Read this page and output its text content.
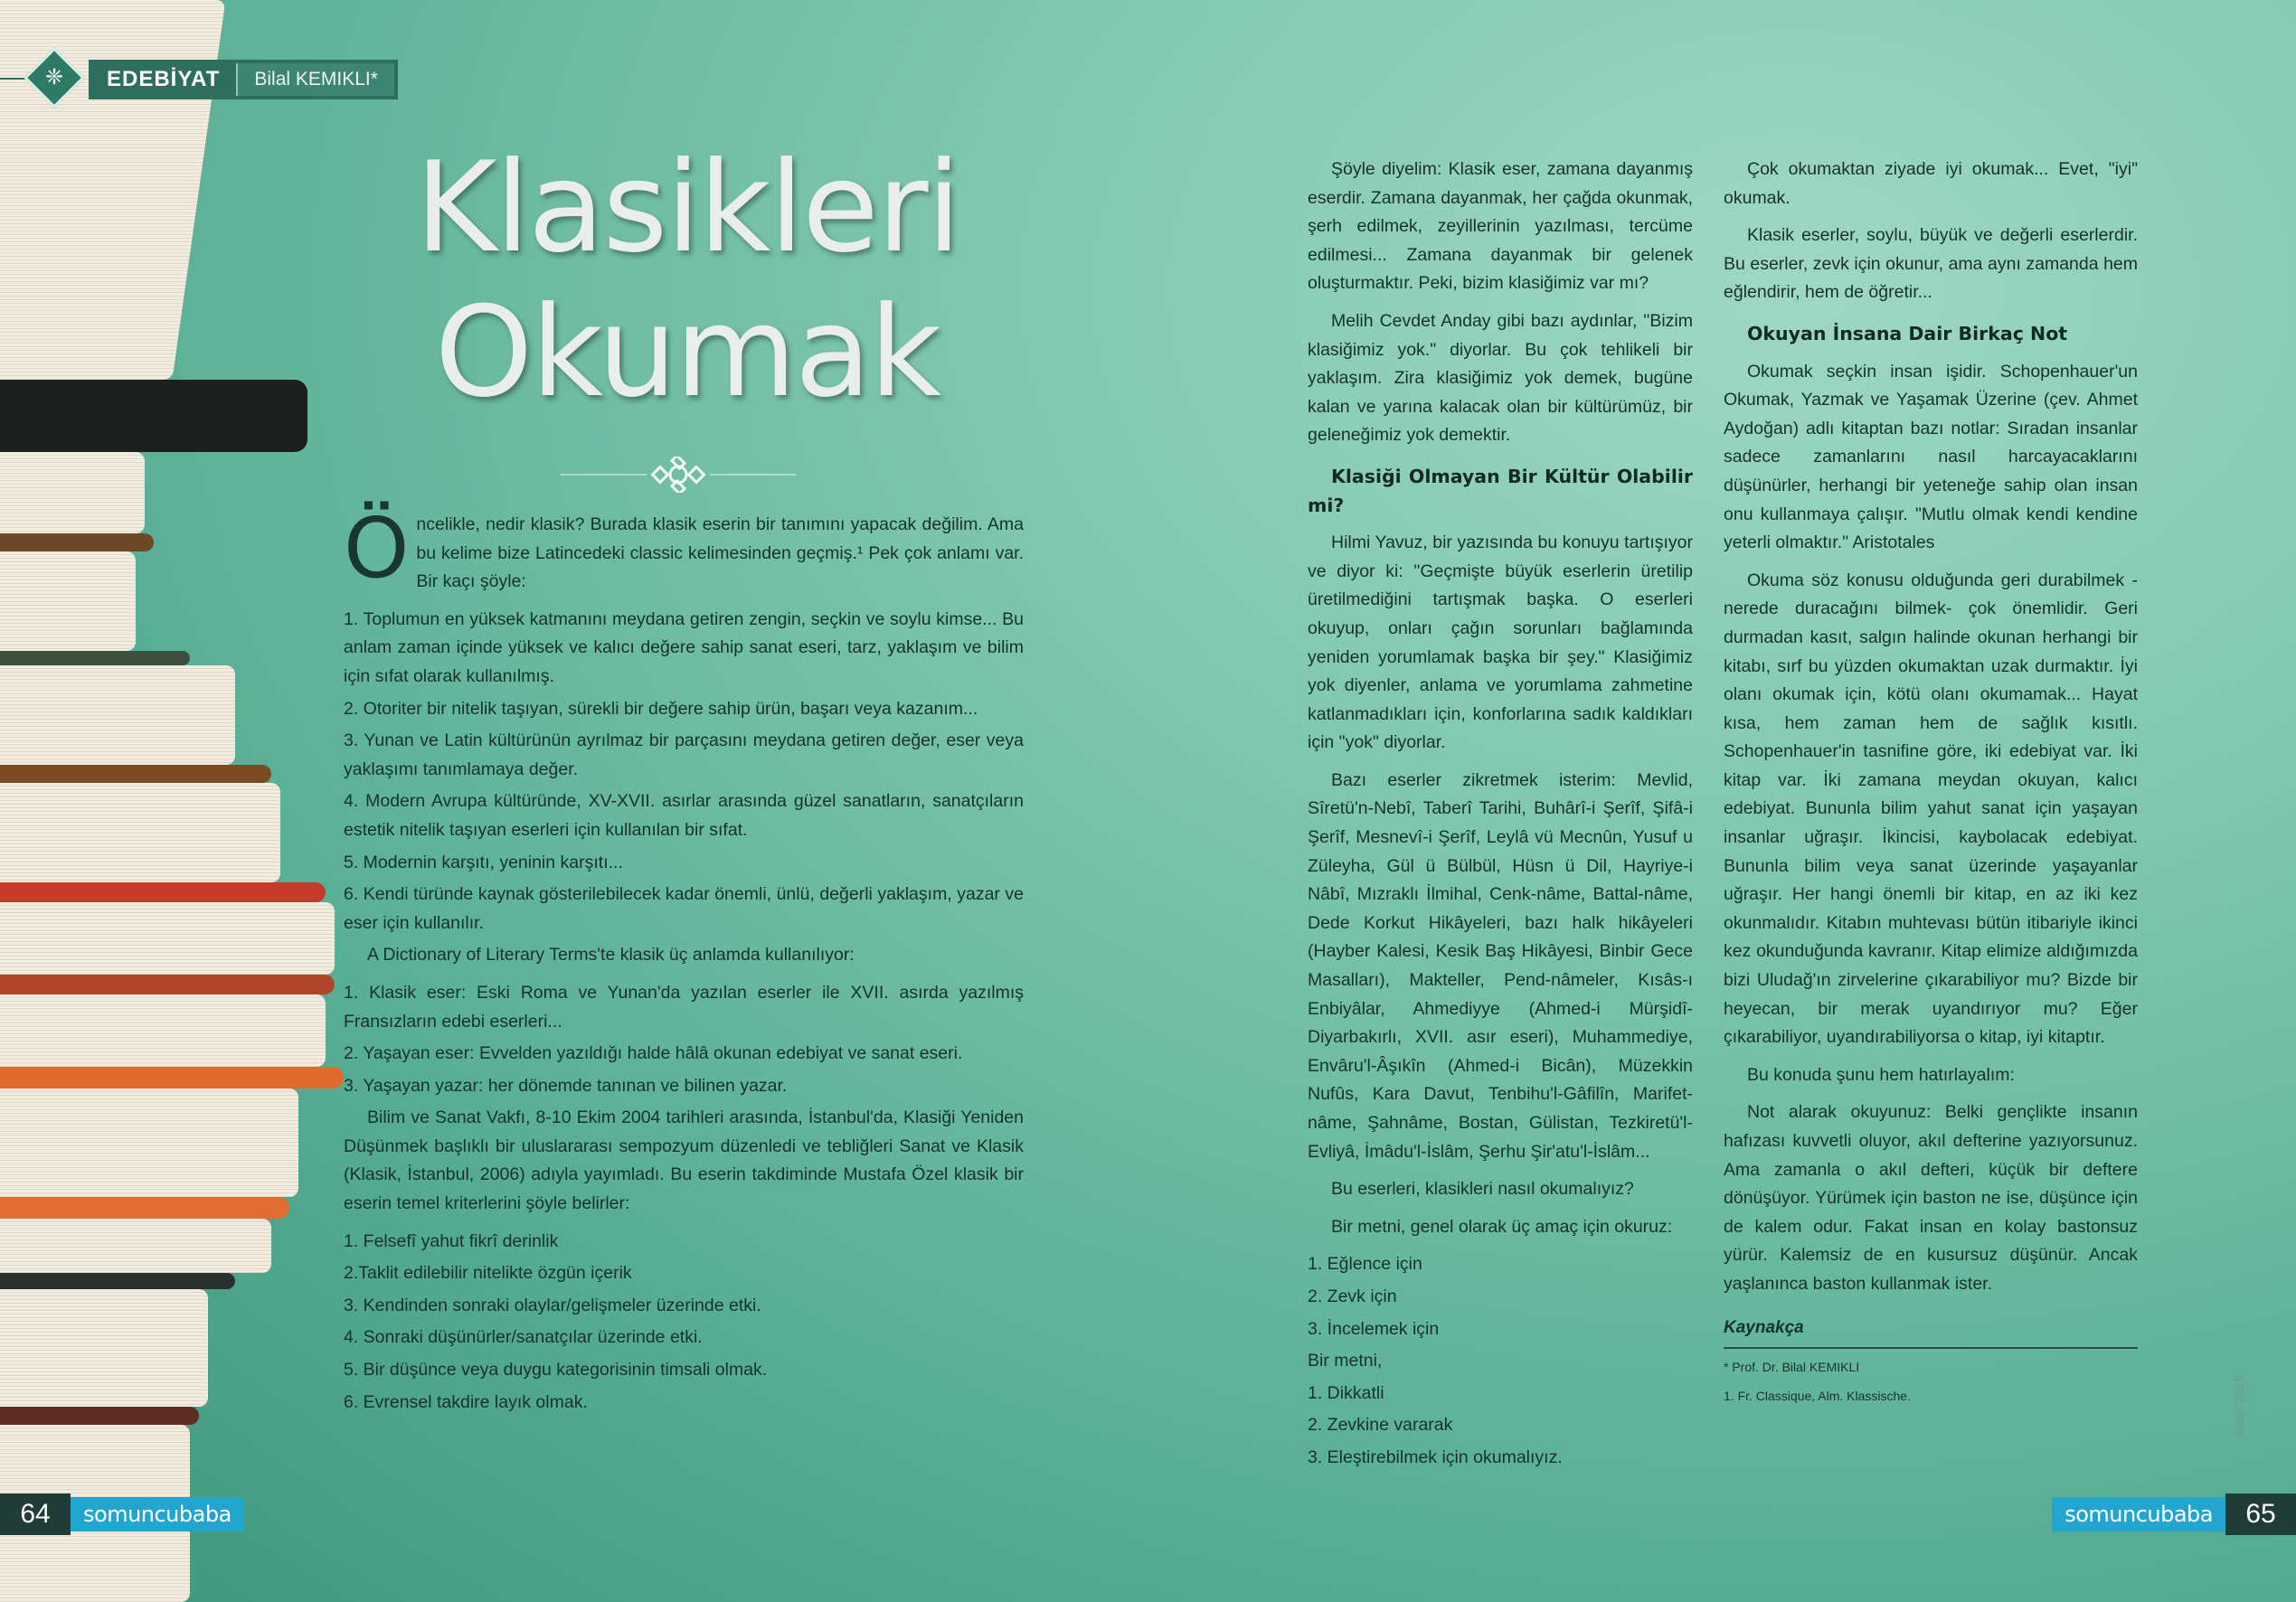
EDEBİYAT	Bilal KEMIKLI*
❈
Klasikleri
Okumak

Öncelikle, nedir klasik? Burada klasik eserin bir tanımını yapacak değilim. Ama bu kelime bize Latincedeki classic kelimesinden geçmiş.¹ Pek çok anlamı var. Bir kaçı şöyle:

1. Toplumun en yüksek katmanını meydana getiren zengin, seçkin ve soylu kimse... Bu anlam zaman içinde yüksek ve kalıcı değere sahip sanat eseri, tarz, yaklaşım ve bilim için sıfat olarak kullanılmış.

2. Otoriter bir nitelik taşıyan, sürekli bir değere sahip ürün, başarı veya kazanım...

3. Yunan ve Latin kültürünün ayrılmaz bir parçasını meydana getiren değer, eser veya yaklaşımı tanımlamaya değer.

4. Modern Avrupa kültüründe, XV-XVII. asırlar arasında güzel sanatların, sanatçıların estetik nitelik taşıyan eserleri için kullanılan bir sıfat.

5. Modernin karşıtı, yeninin karşıtı...

6. Kendi türünde kaynak gösterilebilecek kadar önemli, ünlü, değerli yaklaşım, yazar ve eser için kullanılır.

A Dictionary of Literary Terms'te klasik üç anlamda kullanılıyor:

1. Klasik eser: Eski Roma ve Yunan'da yazılan eserler ile XVII. asırda yazılmış Fransızların edebi eserleri...

2. Yaşayan eser: Evvelden yazıldığı halde hâlâ okunan edebiyat ve sanat eseri.

3. Yaşayan yazar: her dönemde tanınan ve bilinen yazar.

Bilim ve Sanat Vakfı, 8-10 Ekim 2004 tarihleri arasında, İstanbul'da, Klasiği Yeniden Düşünmek başlıklı bir uluslararası sempozyum düzenledi ve tebliğleri Sanat ve Klasik (Klasik, İstanbul, 2006) adıyla yayımladı. Bu eserin takdiminde Mustafa Özel klasik bir eserin temel kriterlerini şöyle belirler:

1. Felsefî yahut fikrî derinlik

2.Taklit edilebilir nitelikte özgün içerik

3. Kendinden sonraki olaylar/gelişmeler üzerinde etki.

4. Sonraki düşünürler/sanatçılar üzerinde etki.

5. Bir düşünce veya duygu kategorisinin timsali olmak.

6. Evrensel takdire layık olmak.

Şöyle diyelim: Klasik eser, zamana dayanmış eserdir. Zamana dayanmak, her çağda okunmak, şerh edilmek, zeyillerinin yazılması, tercüme edilmesi... Zamana dayanmak bir gelenek oluşturmaktır. Peki, bizim klasiğimiz var mı?

Melih Cevdet Anday gibi bazı aydınlar, "Bizim klasiğimiz yok." diyorlar. Bu çok tehlikeli bir yaklaşım. Zira klasiğimiz yok demek, bugüne kalan ve yarına kalacak olan bir kültürümüz, bir geleneğimiz yok demektir.

Klasiği Olmayan Bir Kültür Olabilir mi?

Hilmi Yavuz, bir yazısında bu konuyu tartışıyor ve diyor ki: "Geçmişte büyük eserlerin üretilip üretilmediğini tartışmak başka. O eserleri okuyup, onları çağın sorunları bağlamında yeniden yorumlamak başka bir şey." Klasiğimiz yok diyenler, anlama ve yorumlama zahmetine katlanmadıkları için, konforlarına sadık kaldıkları için "yok" diyorlar.

Bazı eserler zikretmek isterim: Mevlid, Sîretü'n-Nebî, Taberî Tarihi, Buhârî-i Şerîf, Şifâ-i Şerîf, Mesnevî-i Şerîf, Leylâ vü Mecnûn, Yusuf u Züleyha, Gül ü Bülbül, Hüsn ü Dil, Hayriye-i Nâbî, Mızraklı İlmihal, Cenk-nâme, Battal-nâme, Dede Korkut Hikâyeleri, bazı halk hikâyeleri (Hayber Kalesi, Kesik Baş Hikâyesi, Binbir Gece Masalları), Makteller, Pend-nâmeler, Kısâs-ı Enbiyâlar, Ahmediyye (Ahmed-i Mürşidî-Diyarbakırlı, XVII. asır eseri), Muhammediye, Envâru'l-Âşıkîn (Ahmed-i Bicân), Müzekkin Nufûs, Kara Davut, Tenbihu'l-Gâfilîn, Marifet-nâme, Şahnâme, Bostan, Gülistan, Tezkiretü'l-Evliyâ, İmâdu'l-İslâm, Şerhu Şir'atu'l-İslâm...

Bu eserleri, klasikleri nasıl okumalıyız?

Bir metni, genel olarak üç amaç için okuruz:

1. Eğlence için

2. Zevk için

3. İncelemek için

Bir metni,

1. Dikkatli

2. Zevkine vararak

3. Eleştirebilmek için okumalıyız.

Çok okumaktan ziyade iyi okumak... Evet, "iyi" okumak.

Klasik eserler, soylu, büyük ve değerli eserlerdir. Bu eserler, zevk için okunur, ama aynı zamanda hem eğlendirir, hem de öğretir...

Okuyan İnsana Dair Birkaç Not

Okumak seçkin insan işidir. Schopenhauer'un Okumak, Yazmak ve Yaşamak Üzerine (çev. Ahmet Aydoğan) adlı kitaptan bazı notlar: Sıradan insanlar sadece zamanlarını nasıl harcayacaklarını düşünürler, herhangi bir yeteneğe sahip olan insan onu kullanmaya çalışır. "Mutlu olmak kendi kendine yeterli olmaktır." Aristotales

Okuma söz konusu olduğunda geri durabilmek -nerede duracağını bilmek- çok önemlidir. Geri durmadan kasıt, salgın halinde okunan herhangi bir kitabı, sırf bu yüzden okumaktan uzak durmaktır. İyi olanı okumak için, kötü olanı okumamak... Hayat kısa, hem zaman hem de sağlık kısıtlı. Schopenhauer'in tasnifine göre, iki edebiyat var. İki kitap var. İki zamana meydan okuyan, kalıcı edebiyat. Bununla bilim yahut sanat için yaşayan insanlar uğraşır. İkincisi, kaybolacak edebiyat. Bununla bilim veya sanat üzerinde yaşayanlar uğraşır. Her hangi önemli bir kitap, en az iki kez okunmalıdır. Kitabın muhtevası bütün itibariyle ikinci kez okunduğunda kavranır. Kitap elimize aldığımızda bizi Uludağ'ın zirvelerine çıkarabiliyor mu? Bizde bir heyecan, bir merak uyandırıyor mu? Eğer çıkarabiliyor, uyandırabiliyorsa o kitap, iyi kitaptır.

Bu konuda şunu hem hatırlayalım:

Not alarak okuyunuz: Belki gençlikte insanın hafızası kuvvetli oluyor, akıl defterine yazıyorsunuz. Ama zamanla o akıl defteri, küçük bir deftere dönüşüyor. Yürümek için baston ne ise, düşünce için de kalem odur. Fakat insan en kolay bastonsuz yürür. Kalemsiz de en kusursuz düşünür. Ancak yaşlanınca baston kullanmak ister.

Kaynakça
* Prof. Dr. Bilal KEMIKLI
1. Fr. Classique, Alm. Klassische.
64	somuncubaba
aralık 2015
somuncubaba	65
